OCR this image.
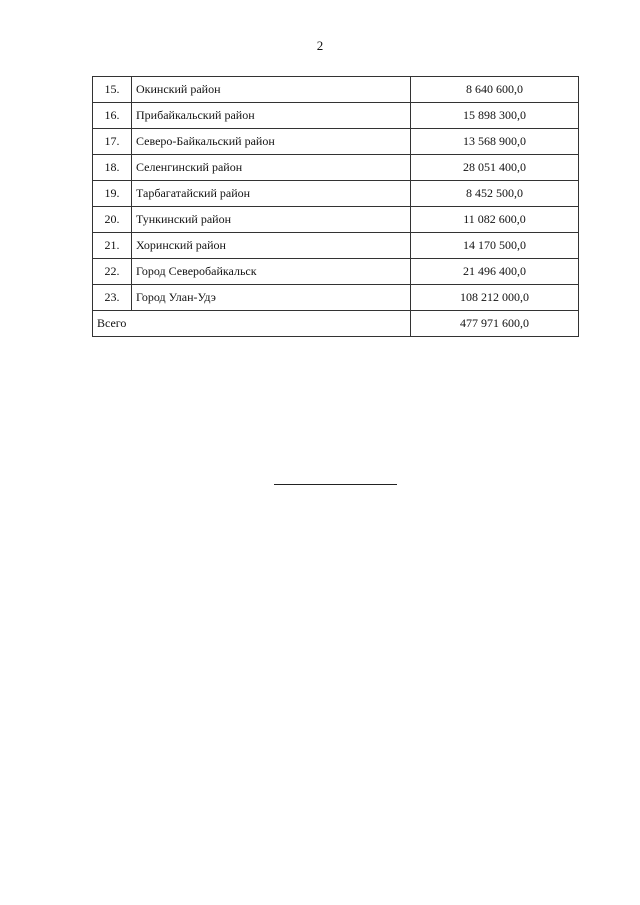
2
15.	Окинский район	8 640 600,0
16.	Прибайкальский район	15 898 300,0
17.	Северо-Байкальский район	13 568 900,0
18.	Селенгинский район	28 051 400,0
19.	Тарбагатайский район	8 452 500,0
20.	Тункинский район	11 082 600,0
21.	Хоринский район	14 170 500,0
22.	Город Северобайкальск	21 496 400,0
23.	Город Улан-Удэ	108 212 000,0
Всего		477 971 600,0
